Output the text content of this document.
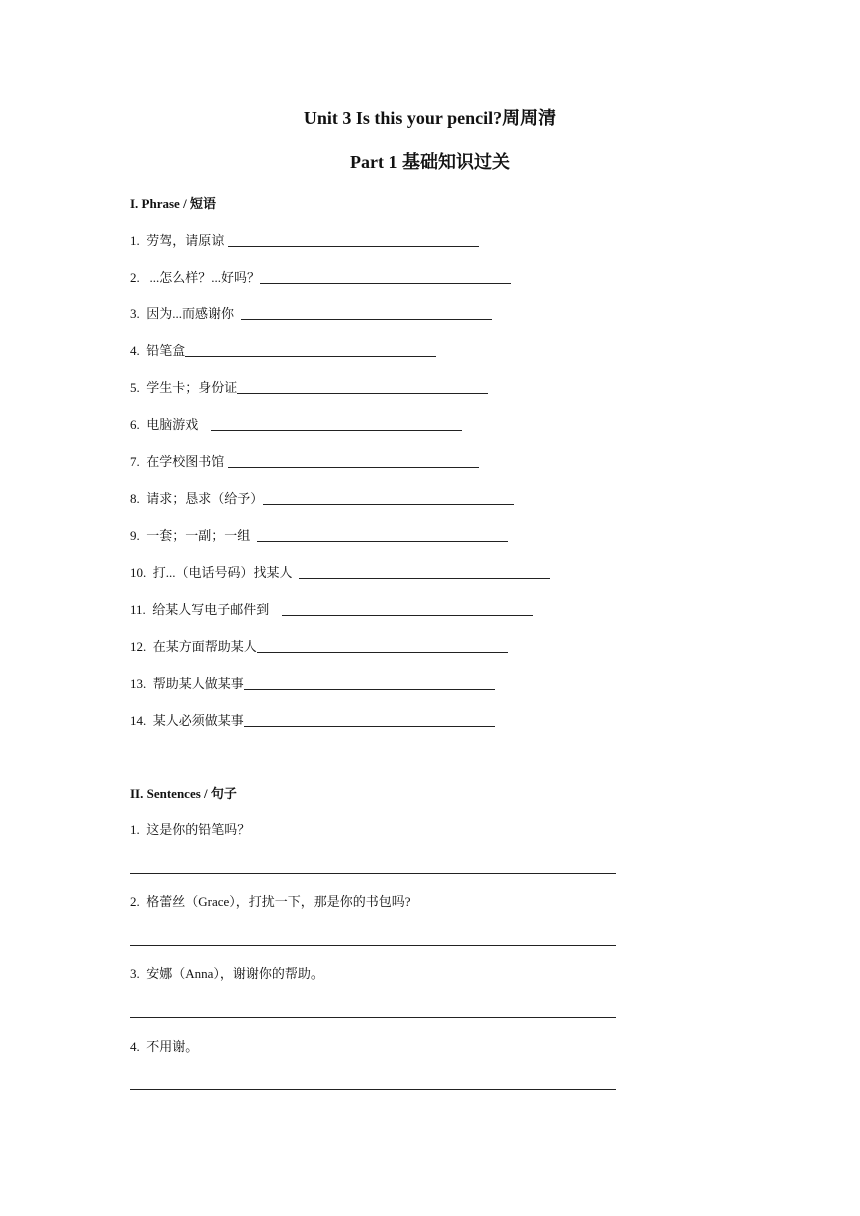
Unit 3 Is this your pencil?周周清
Part 1 基础知识过关
I. Phrase / 短语
1.  劳驾，请原谅
2.   ...怎么样？...好吗？
3.  因为...而感谢你
4.  铅笔盒
5.  学生卡；身份证
6.  电脑游戏
7.  在学校图书馆
8.  请求；恳求（给予）
9.  一套；一副；一组
10.  打...（电话号码）找某人
11.  给某人写电子邮件到
12.  在某方面帮助某人
13.  帮助某人做某事
14.  某人必须做某事
II. Sentences / 句子
1.  这是你的铅笔吗？
2.  格蕾丝（Grace），打扰一下，那是你的书包吗?
3.  安娜（Anna），谢谢你的帮助。
4.  不用谢。
